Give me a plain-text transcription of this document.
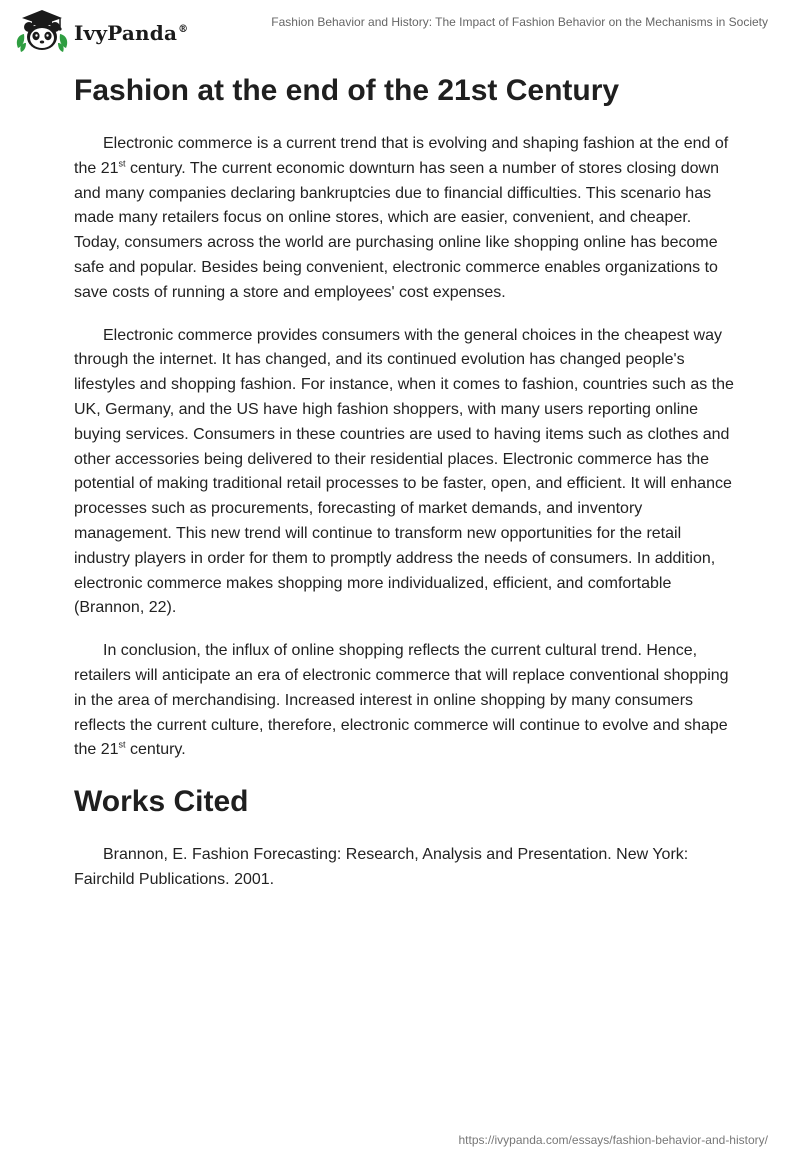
IvyPanda®
Fashion Behavior and History: The Impact of Fashion Behavior on the Mechanisms in Society
Fashion at the end of the 21st Century

Electronic commerce is a current trend that is evolving and shaping fashion at the end of the 21st century. The current economic downturn has seen a number of stores closing down and many companies declaring bankruptcies due to financial difficulties. This scenario has made many retailers focus on online stores, which are easier, convenient, and cheaper. Today, consumers across the world are purchasing online like shopping online has become safe and popular. Besides being convenient, electronic commerce enables organizations to save costs of running a store and employees' cost expenses.

Electronic commerce provides consumers with the general choices in the cheapest way through the internet. It has changed, and its continued evolution has changed people's lifestyles and shopping fashion. For instance, when it comes to fashion, countries such as the UK, Germany, and the US have high fashion shoppers, with many users reporting online buying services. Consumers in these countries are used to having items such as clothes and other accessories being delivered to their residential places. Electronic commerce has the potential of making traditional retail processes to be faster, open, and efficient. It will enhance processes such as procurements, forecasting of market demands, and inventory management. This new trend will continue to transform new opportunities for the retail industry players in order for them to promptly address the needs of consumers. In addition, electronic commerce makes shopping more individualized, efficient, and comfortable (Brannon, 22).

In conclusion, the influx of online shopping reflects the current cultural trend. Hence, retailers will anticipate an era of electronic commerce that will replace conventional shopping in the area of merchandising. Increased interest in online shopping by many consumers reflects the current culture, therefore, electronic commerce will continue to evolve and shape the 21st century.

Works Cited

Brannon, E. Fashion Forecasting: Research, Analysis and Presentation. New York: Fairchild Publications. 2001.

https://ivypanda.com/essays/fashion-behavior-and-history/
